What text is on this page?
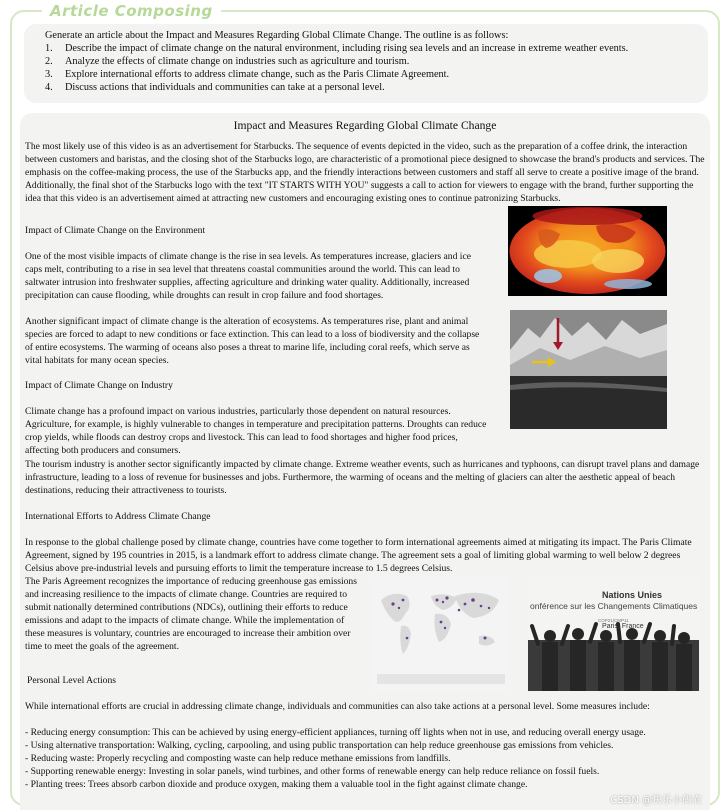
Article Composing
Generate an article about the Impact and Measures Regarding Global Climate Change. The outline is as follows:
1. Describe the impact of climate change on the natural environment, including rising sea levels and an increase in extreme weather events.
2. Analyze the effects of climate change on industries such as agriculture and tourism.
3. Explore international efforts to address climate change, such as the Paris Climate Agreement.
4. Discuss actions that individuals and communities can take at a personal level.
Impact and Measures Regarding Global Climate Change

The most likely use of this video is as an advertisement for Starbucks. The sequence of events depicted in the video, such as the preparation of a coffee drink, the interaction between customers and baristas, and the closing shot of the Starbucks logo, are characteristic of a promotional piece designed to showcase the brand's products and services. The emphasis on the coffee-making process, the use of the Starbucks app, and the friendly interactions between customers and staff all serve to create a positive image of the brand. Additionally, the final shot of the Starbucks logo with the text "IT STARTS WITH YOU" suggests a call to action for viewers to engage with the brand, further supporting the idea that this video is an advertisement aimed at attracting new customers and encouraging existing ones to continue patronizing Starbucks.

Impact of Climate Change on the Environment

One of the most visible impacts of climate change is the rise in sea levels. As temperatures increase, glaciers and ice caps melt, contributing to a rise in sea level that threatens coastal communities around the world. This can lead to saltwater intrusion into freshwater supplies, affecting agriculture and drinking water quality. Additionally, increased precipitation can cause flooding, while droughts can result in crop failure and food shortages.

Another significant impact of climate change is the alteration of ecosystems. As temperatures rise, plant and animal species are forced to adapt to new conditions or face extinction. This can lead to a loss of biodiversity and the collapse of entire ecosystems. The warming of oceans also poses a threat to marine life, including coral reefs, which serve as vital habitats for many ocean species.

Impact of Climate Change on Industry

Climate change has a profound impact on various industries, particularly those dependent on natural resources. Agriculture, for example, is highly vulnerable to changes in temperature and precipitation patterns. Droughts can reduce crop yields, while floods can destroy crops and livestock. This can lead to food shortages and higher food prices, affecting both producers and consumers.

The tourism industry is another sector significantly impacted by climate change. Extreme weather events, such as hurricanes and typhoons, can disrupt travel plans and damage infrastructure, leading to a loss of revenue for businesses and jobs. Furthermore, the warming of oceans and the melting of glaciers can alter the aesthetic appeal of beach destinations, reducing their attractiveness to tourists.

International Efforts to Address Climate Change

In response to the global challenge posed by climate change, countries have come together to form international agreements aimed at mitigating its impact. The Paris Climate Agreement, signed by 195 countries in 2015, is a landmark effort to address climate change. The agreement sets a goal of limiting global warming to well below 2 degrees Celsius above pre-industrial levels and pursuing efforts to limit the temperature increase to 1.5 degrees Celsius.

The Paris Agreement recognizes the importance of reducing greenhouse gas emissions and increasing resilience to the impacts of climate change. Countries are required to submit nationally determined contributions (NDCs), outlining their efforts to reduce emissions and adapt to the impacts of climate change. While the implementation of these measures is voluntary, countries are encouraged to increase their ambition over time to meet the goals of the agreement.

Personal Level Actions

While international efforts are crucial in addressing climate change, individuals and communities can also take actions at a personal level. Some measures include:

- Reducing energy consumption: This can be achieved by using energy-efficient appliances, turning off lights when not in use, and reducing overall energy usage.

- Using alternative transportation: Walking, cycling, carpooling, and using public transportation can help reduce greenhouse gas emissions from vehicles.

- Reducing waste: Properly recycling and composting waste can help reduce methane emissions from landfills.

- Supporting renewable energy: Investing in solar panels, wind turbines, and other forms of renewable energy can help reduce reliance on fossil fuels.

- Planting trees: Trees absorb carbon dioxide and produce oxygen, making them a valuable tool in the fight against climate change.

Nations Unies
onférence sur les Changements Climatiques
COP21/CMP11
Paris, France
CSDN @快乐小码农
